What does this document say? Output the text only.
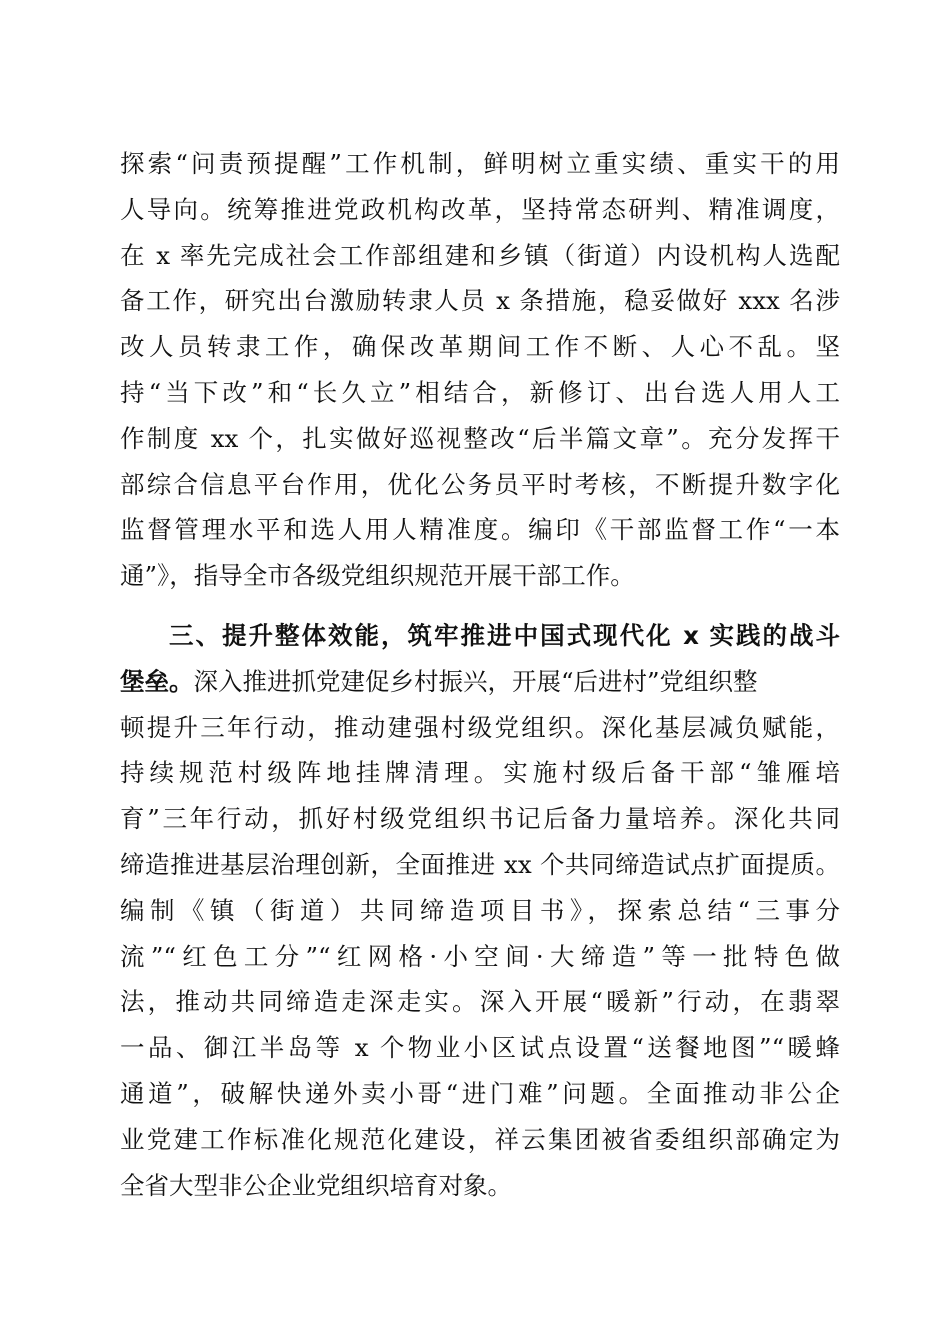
探索“问责预提醒”工作机制，鲜明树立重实绩、重实干的用
人导向。统筹推进党政机构改革，坚持常态研判、精准调度，
在 x 率先完成社会工作部组建和乡镇（街道）内设机构人选配
备工作，研究出台激励转隶人员 x 条措施，稳妥做好 xxx 名涉
改人员转隶工作，确保改革期间工作不断、人心不乱。坚
持“当下改”和“长久立”相结合，新修订、出台选人用人工
作制度 xx 个，扎实做好巡视整改“后半篇文章”。充分发挥干
部综合信息平台作用，优化公务员平时考核，不断提升数字化
监督管理水平和选人用人精准度。编印《干部监督工作“一本
通”》，指导全市各级党组织规范开展干部工作。
三、提升整体效能，筑牢推进中国式现代化 x 实践的战斗
堡垒。深入推进抓党建促乡村振兴，开展“后进村”党组织整
顿提升三年行动，推动建强村级党组织。深化基层减负赋能，
持续规范村级阵地挂牌清理。实施村级后备干部“雏雁培
育”三年行动，抓好村级党组织书记后备力量培养。深化共同
缔造推进基层治理创新，全面推进 xx 个共同缔造试点扩面提质。
编制《镇（街道）共同缔造项目书》，探索总结“三事分
流”“红色工分”“红网格·小空间·大缔造”等一批特色做
法，推动共同缔造走深走实。深入开展“暖新”行动，在翡翠
一品、御江半岛等 x 个物业小区试点设置“送餐地图”“暖蜂
通道”，破解快递外卖小哥“进门难”问题。全面推动非公企
业党建工作标准化规范化建设，祥云集团被省委组织部确定为
全省大型非公企业党组织培育对象。
